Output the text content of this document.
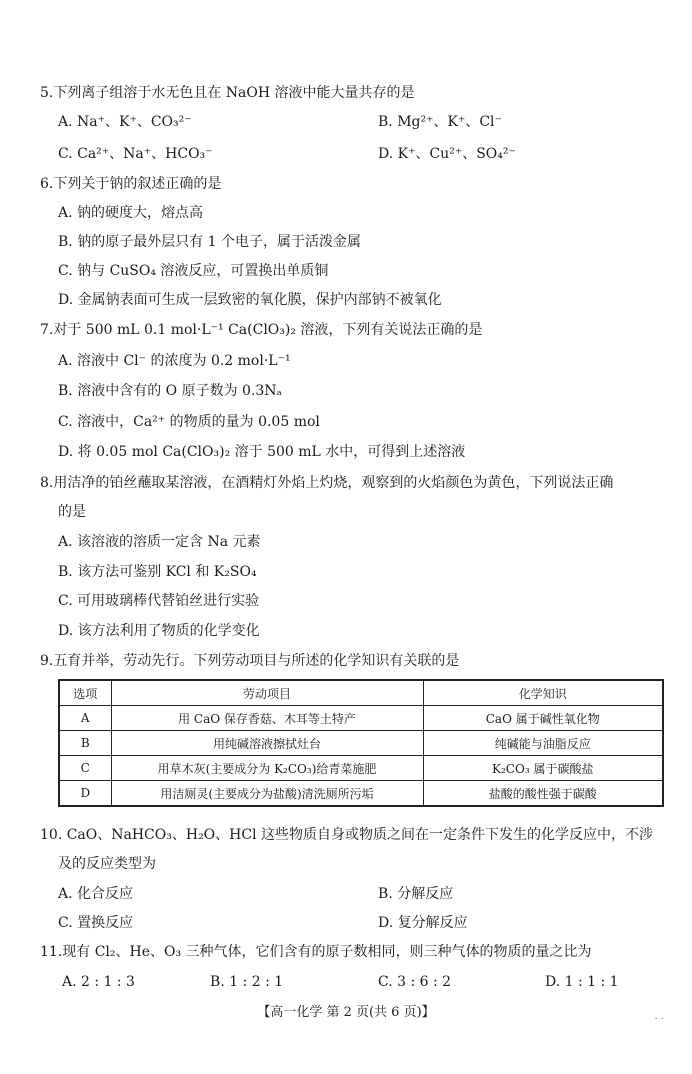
5.下列离子组溶于水无色且在 NaOH 溶液中能大量共存的是
A. Na⁺、K⁺、CO₃²⁻	B. Mg²⁺、K⁺、Cl⁻
C. Ca²⁺、Na⁺、HCO₃⁻	D. K⁺、Cu²⁺、SO₄²⁻
6.下列关于钠的叙述正确的是
A. 钠的硬度大，熔点高
B. 钠的原子最外层只有 1 个电子，属于活泼金属
C. 钠与 CuSO₄ 溶液反应，可置换出单质铜
D. 金属钠表面可生成一层致密的氧化膜，保护内部钠不被氧化
7.对于 500 mL 0.1 mol·L⁻¹ Ca(ClO₃)₂ 溶液，下列有关说法正确的是
A. 溶液中 Cl⁻ 的浓度为 0.2 mol·L⁻¹
B. 溶液中含有的 O 原子数为 0.3Nₐ
C. 溶液中，Ca²⁺ 的物质的量为 0.05 mol
D. 将 0.05 mol Ca(ClO₃)₂ 溶于 500 mL 水中，可得到上述溶液
8.用洁净的铂丝蘸取某溶液，在酒精灯外焰上灼烧，观察到的火焰颜色为黄色，下列说法正确
的是
A. 该溶液的溶质一定含 Na 元素
B. 该方法可鉴别 KCl 和 K₂SO₄
C. 可用玻璃棒代替铂丝进行实验
D. 该方法利用了物质的化学变化
9.五育并举，劳动先行。下列劳动项目与所述的化学知识有关联的是
选项	劳动项目	化学知识
A	用 CaO 保存香菇、木耳等土特产	CaO 属于碱性氧化物
B	用纯碱溶液擦拭灶台	纯碱能与油脂反应
C	用草木灰(主要成分为 K₂CO₃)给青菜施肥	K₂CO₃ 属于碳酸盐
D	用洁厕灵(主要成分为盐酸)清洗厕所污垢	盐酸的酸性强于碳酸
10. CaO、NaHCO₃、H₂O、HCl 这些物质自身或物质之间在一定条件下发生的化学反应中，不涉
及的反应类型为
A. 化合反应	B. 分解反应
C. 置换反应	D. 复分解反应
11.现有 Cl₂、He、O₃ 三种气体，它们含有的原子数相同，则三种气体的物质的量之比为
A. 2 : 1 : 3	B. 1 : 2 : 1	C. 3 : 6 : 2	D. 1 : 1 : 1
【高一化学 第 2 页(共 6 页)】	. .
